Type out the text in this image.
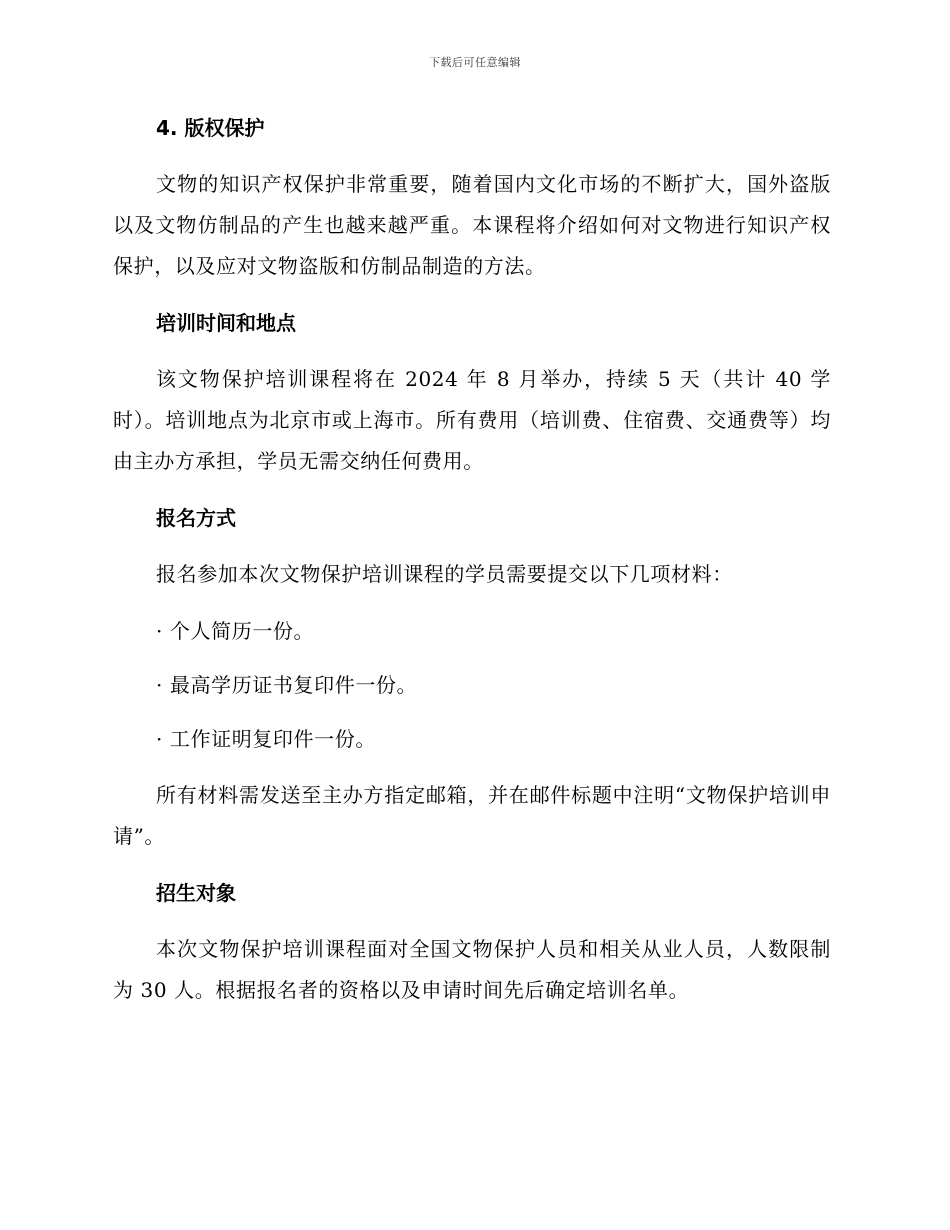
下载后可任意编辑
4. 版权保护

文物的知识产权保护非常重要，随着国内文化市场的不断扩大，国外盗版以及文物仿制品的产生也越来越严重。本课程将介绍如何对文物进行知识产权保护，以及应对文物盗版和仿制品制造的方法。

培训时间和地点

该文物保护培训课程将在 2024 年 8 月举办，持续 5 天（共计 40 学时）。培训地点为北京市或上海市。所有费用（培训费、住宿费、交通费等）均由主办方承担，学员无需交纳任何费用。

报名方式

报名参加本次文物保护培训课程的学员需要提交以下几项材料：

· 个人简历一份。
· 最高学历证书复印件一份。
· 工作证明复印件一份。

所有材料需发送至主办方指定邮箱，并在邮件标题中注明“文物保护培训申请”。

招生对象

本次文物保护培训课程面对全国文物保护人员和相关从业人员，人数限制为 30 人。根据报名者的资格以及申请时间先后确定培训名单。
